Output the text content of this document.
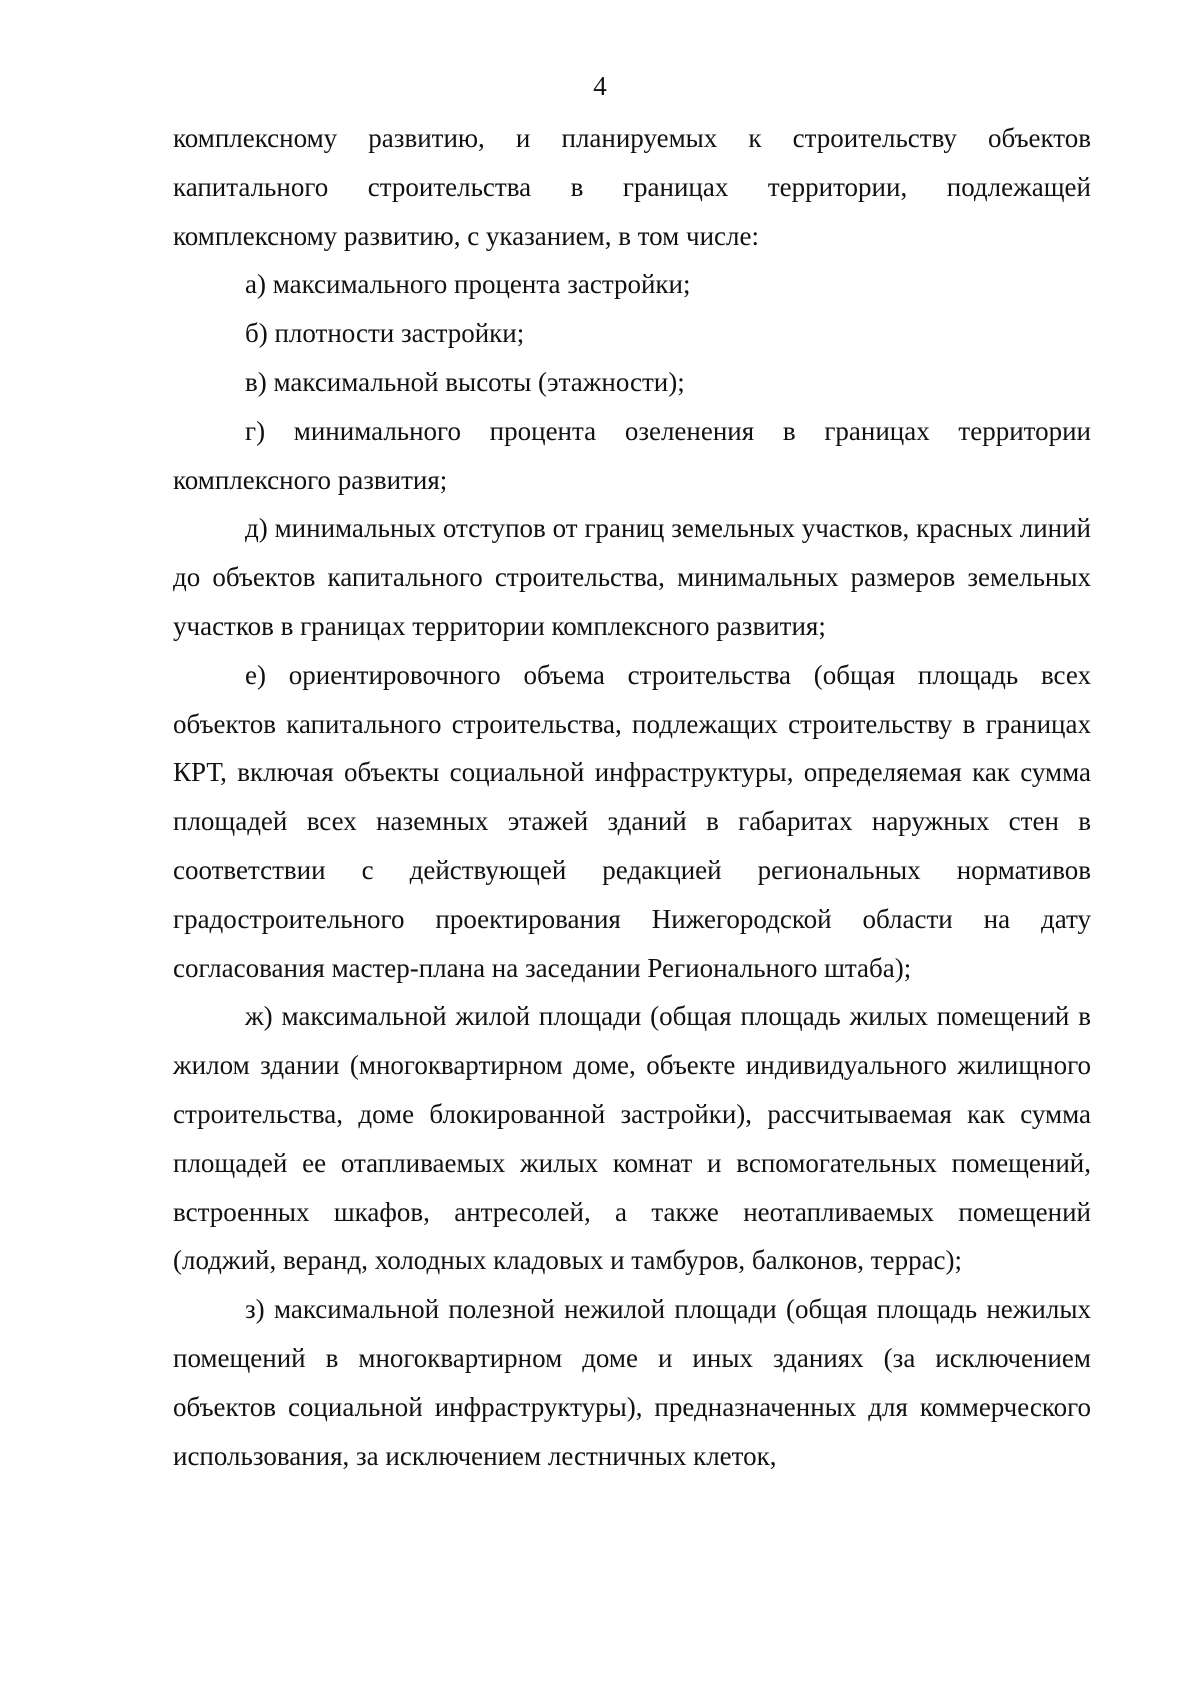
4

комплексному развитию, и планируемых к строительству объектов капитального строительства в границах территории, подлежащей комплексному развитию, с указанием, в том числе:

а) максимального процента застройки;

б) плотности застройки;

в) максимальной высоты (этажности);

г) минимального процента озеленения в границах территории комплексного развития;

д) минимальных отступов от границ земельных участков, красных линий до объектов капитального строительства, минимальных размеров земельных участков в границах территории комплексного развития;

е) ориентировочного объема строительства (общая площадь всех объектов капитального строительства, подлежащих строительству в границах КРТ, включая объекты социальной инфраструктуры, определяемая как сумма площадей всех наземных этажей зданий в габаритах наружных стен в соответствии с действующей редакцией региональных нормативов градостроительного проектирования Нижегородской области на дату согласования мастер-плана на заседании Регионального штаба);

ж) максимальной жилой площади (общая площадь жилых помещений в жилом здании (многоквартирном доме, объекте индивидуального жилищного строительства, доме блокированной застройки), рассчитываемая как сумма площадей ее отапливаемых жилых комнат и вспомогательных помещений, встроенных шкафов, антресолей, а также неотапливаемых помещений (лоджий, веранд, холодных кладовых и тамбуров, балконов, террас);

з) максимальной полезной нежилой площади (общая площадь нежилых помещений в многоквартирном доме и иных зданиях (за исключением объектов социальной инфраструктуры), предназначенных для коммерческого использования, за исключением лестничных клеток,
